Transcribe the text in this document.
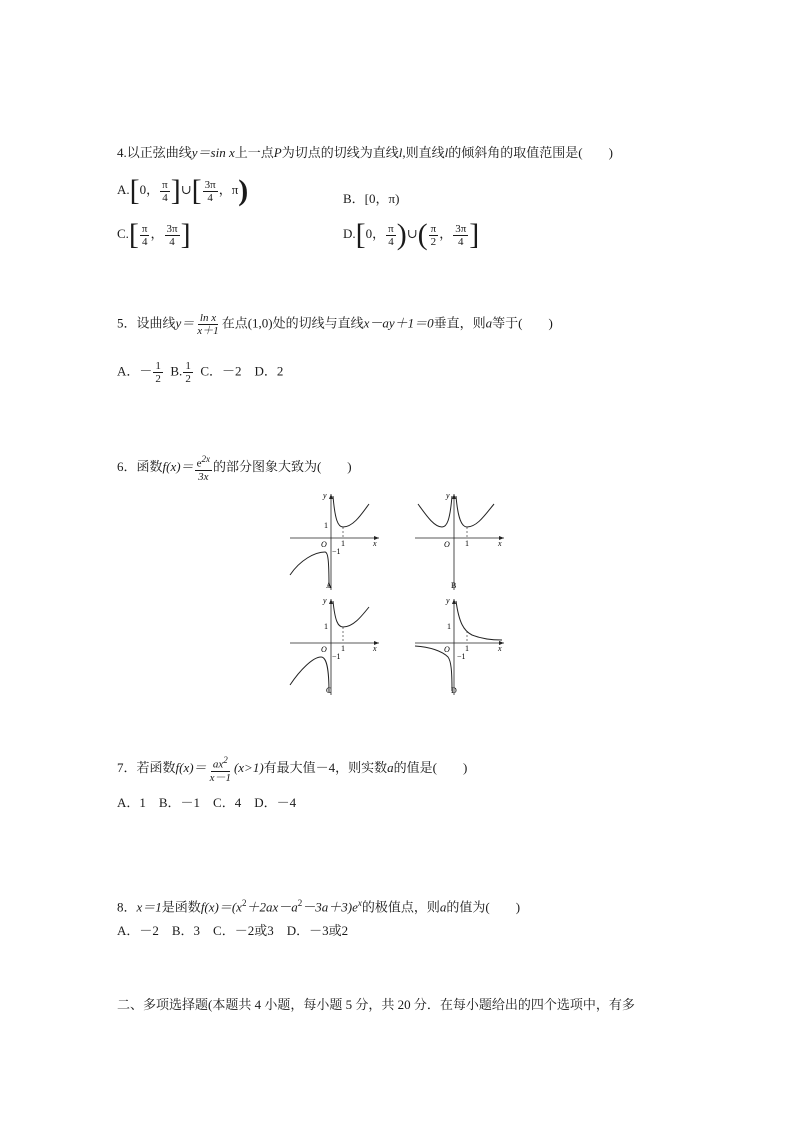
4.以正弦曲线y＝sin x上一点P为切点的切线为直线l,则直线l的倾斜角的取值范围是(　　)
A.[0， $\frac{\pi}{4}$ ]∪[ $\frac{3\pi}{4}$ ，π)	B．[0，π)
$C.[ \frac{\pi}{4}$ ， $\frac{3\pi}{4}$ ]	D.[0， $\frac{\pi}{4}$ )∪( $\frac{\pi}{2}$ ， $\frac{3\pi}{4}$ ]
5．设曲线$y= \frac{\text{ln x}}{x+1}$ 在点(1,0)处的切线与直线x－ay＋1＝0垂直，则a等于(　　)
A．－ $\frac{1}{2} B$. $\frac{1}{2}$ C．－2　D．2
6．函数$f(x)= \frac{e^{2x}}{3x}$ 的部分图象大致为(　　)
y
x
O
1
1
−1
A
y
x
O 1
B
y
x
O
1
1
−1
C
y
x
O
1
1
−1
D
7．若函数$f(x)= \frac{ax^2}{x-1} (x>1)$有最大值－4，则实数a的值是(　　)
A．1　B．－1　C．4　D．－4
8．x＝1是函数$f(x)=(x^2+2ax-a^2-3a+3)e^x$的极值点，则a的值为(　　)
A．－2　B．3　C．－2或3　D．－3或2
二、多项选择题(本题共 4 小题，每小题 5 分，共 20 分．在每小题给出的四个选项中，有多
